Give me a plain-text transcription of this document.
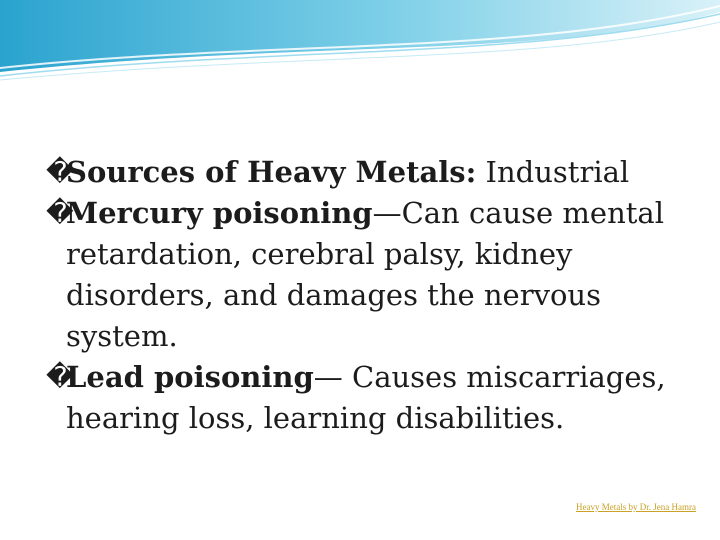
�
Sources of Heavy Metals: Industrial
�
Mercury poisoning—Can cause mental retardation, cerebral palsy, kidney disorders, and damages the nervous system.
�
Lead poisoning— Causes miscarriages, hearing loss, learning disabilities.
Heavy Metals by Dr. Jena Hamra
